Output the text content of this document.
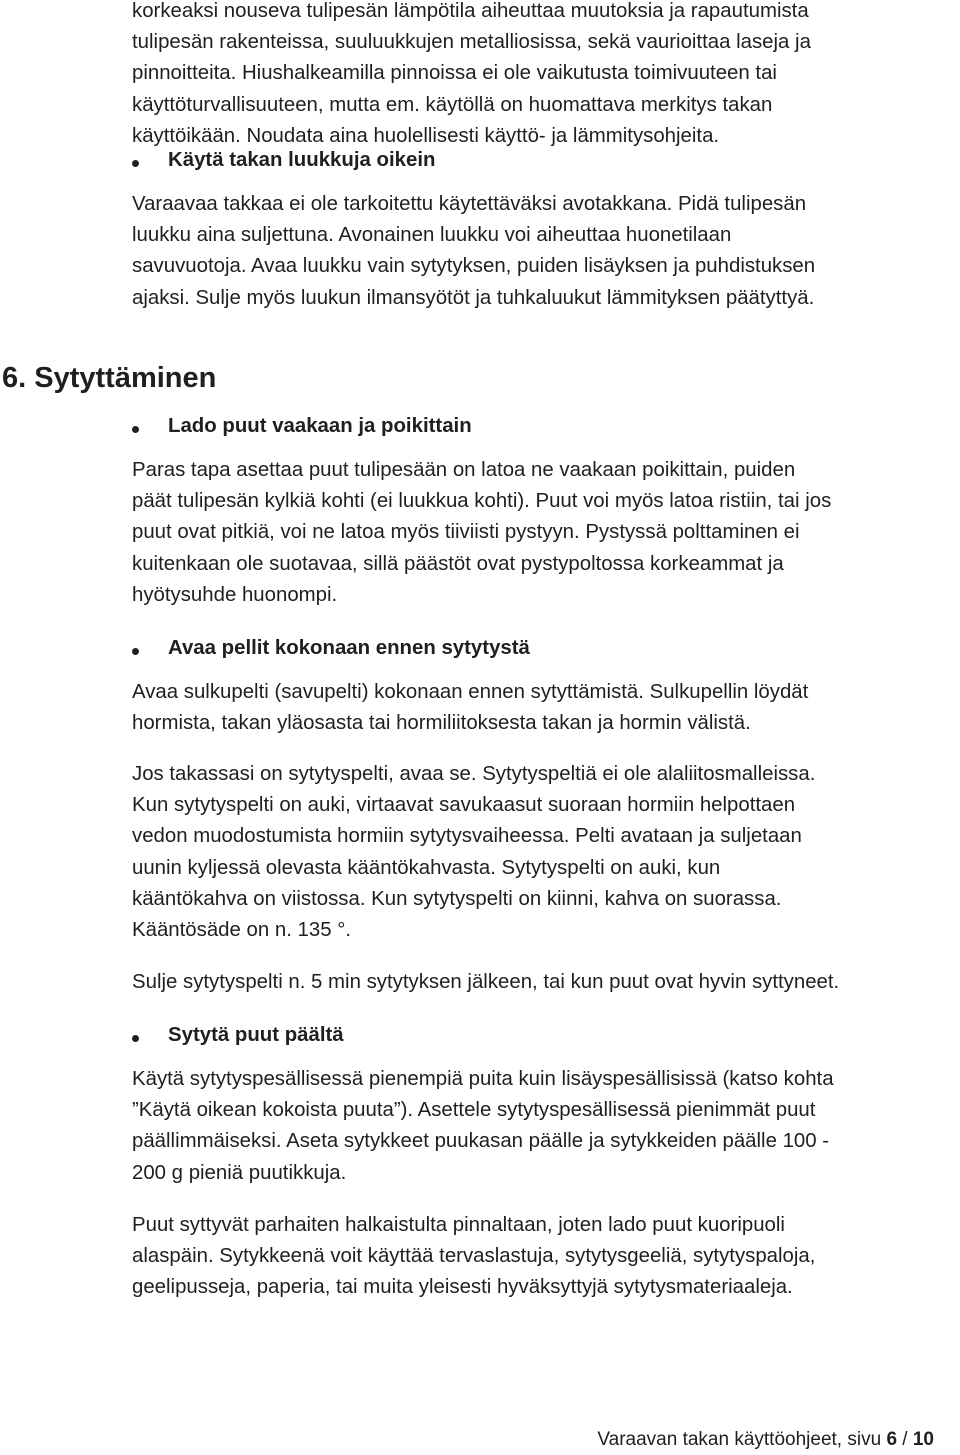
korkeaksi nouseva tulipesän lämpötila aiheuttaa muutoksia ja rapautumista
tulipesän rakenteissa, suuluukkujen metalliosissa, sekä vaurioittaa laseja ja
pinnoitteita. Hiushalkeamilla pinnoissa ei ole vaikutusta toimivuuteen tai
käyttöturvallisuuteen, mutta em. käytöllä on huomattava merkitys takan
käyttöikään. Noudata aina huolellisesti käyttö- ja lämmitysohjeita.

Käytä takan luukkuja oikein

Varaavaa takkaa ei ole tarkoitettu käytettäväksi avotakkana. Pidä tulipesän
luukku aina suljettuna. Avonainen luukku voi aiheuttaa huonetilaan
savuvuotoja. Avaa luukku vain sytytyksen, puiden lisäyksen ja puhdistuksen
ajaksi. Sulje myös luukun ilmansyötöt ja tuhkaluukut lämmityksen päätyttyä.

6. Sytyttäminen
Lado puut vaakaan ja poikittain

Paras tapa asettaa puut tulipesään on latoa ne vaakaan poikittain, puiden
päät tulipesän kylkiä kohti (ei luukkua kohti). Puut voi myös latoa ristiin, tai jos
puut ovat pitkiä, voi ne latoa myös tiiviisti pystyyn. Pystyssä polttaminen ei
kuitenkaan ole suotavaa, sillä päästöt ovat pystypoltossa korkeammat ja
hyötysuhde huonompi.

Avaa pellit kokonaan ennen sytytystä

Avaa sulkupelti (savupelti) kokonaan ennen sytyttämistä. Sulkupellin löydät
hormista, takan yläosasta tai hormiliitoksesta takan ja hormin välistä.

Jos takassasi on sytytyspelti, avaa se. Sytytyspeltiä ei ole alaliitosmalleissa.
Kun sytytyspelti on auki, virtaavat savukaasut suoraan hormiin helpottaen
vedon muodostumista hormiin sytytysvaiheessa. Pelti avataan ja suljetaan
uunin kyljessä olevasta kääntökahvasta. Sytytyspelti on auki, kun
kääntökahva on viistossa. Kun sytytyspelti on kiinni, kahva on suorassa.
Kääntösäde on n. 135 °.

Sulje sytytyspelti n. 5 min sytytyksen jälkeen, tai kun puut ovat hyvin syttyneet.

Sytytä puut päältä

Käytä sytytyspesällisessä pienempiä puita kuin lisäyspesällisissä (katso kohta
”Käytä oikean kokoista puuta”). Asettele sytytyspesällisessä pienimmät puut
päällimmäiseksi. Aseta sytykkeet puukasan päälle ja sytykkeiden päälle 100 -
200 g pieniä puutikkuja.

Puut syttyvät parhaiten halkaistulta pinnaltaan, joten lado puut kuoripuoli
alaspäin. Sytykkeenä voit käyttää tervaslastuja, sytytysgeeliä, sytytyspaloja,
geelipusseja, paperia, tai muita yleisesti hyväksyttyjä sytytysmateriaaleja.

Varaavan takan käyttöohjeet, sivu 6 / 10
